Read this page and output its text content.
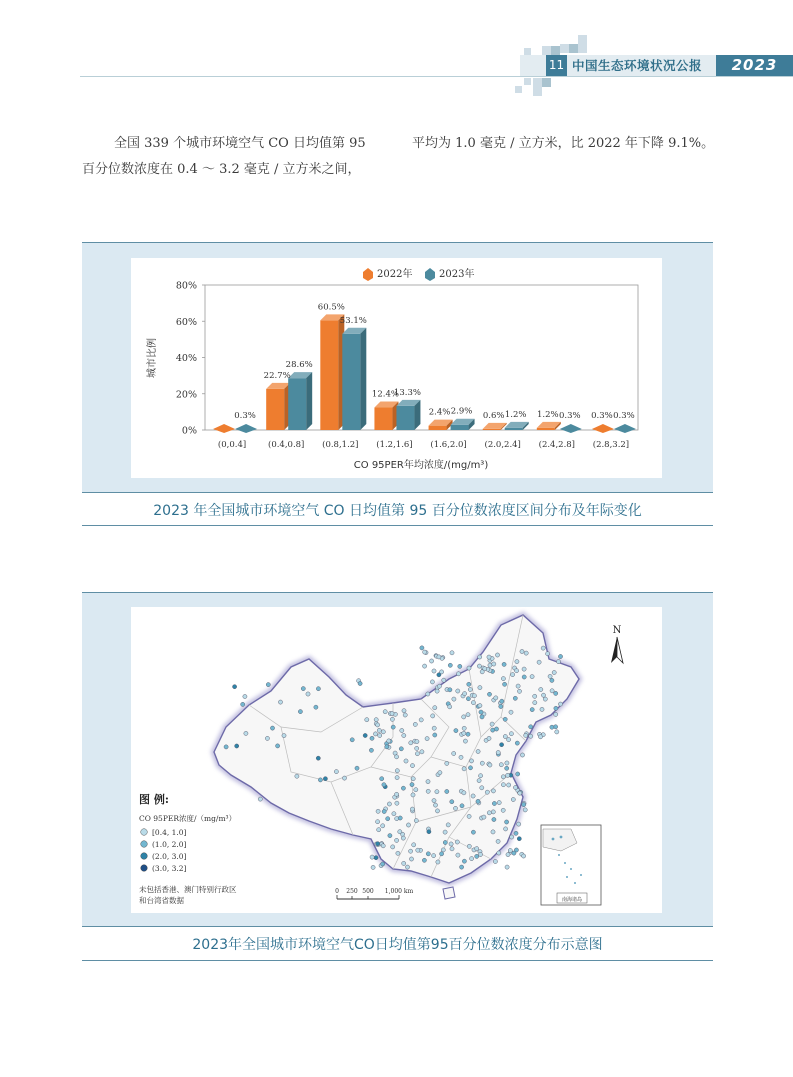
11 中国生态环境状况公报	2023
全国 339 个城市环境空气 CO 日均值第 95	平均为 1.0 毫克 / 立方米，比 2022 年下降 9.1%。
百分位数浓度在 0.4 ～ 3.2 毫克 / 立方米之间，
0%
20%
40%
60%
80%
0.3%
22.7%
28.6%
60.5%
53.1%
12.4%
13.3%
2.4% 2.9% 0.6% 1.2% 1.2% 0.3% 0.3% 0.3%
(0,0.4]	(0.4,0.8] (0.8,1.2] (1.2,1.6] (1.6,2.0] (2.0,2.4] (2.4,2.8] (2.8,3.2]
城市比例
CO 95PER年均浓度/(mg/m³)
2022年	2023年
2023 年全国城市环境空气 CO 日均值第 95 百分位数浓度区间分布及年际变化
N
图 例:
CO 95PER浓度/（mg/m³）
[0.4, 1.0]
(1.0, 2.0]
(2.0, 3.0]
(3.0, 3.2]
未包括香港、澳门特别行政区
和台湾省数据
0 250 500 1,000 km
南海诸岛
2023年全国城市环境空气CO日均值第95百分位数浓度分布示意图
